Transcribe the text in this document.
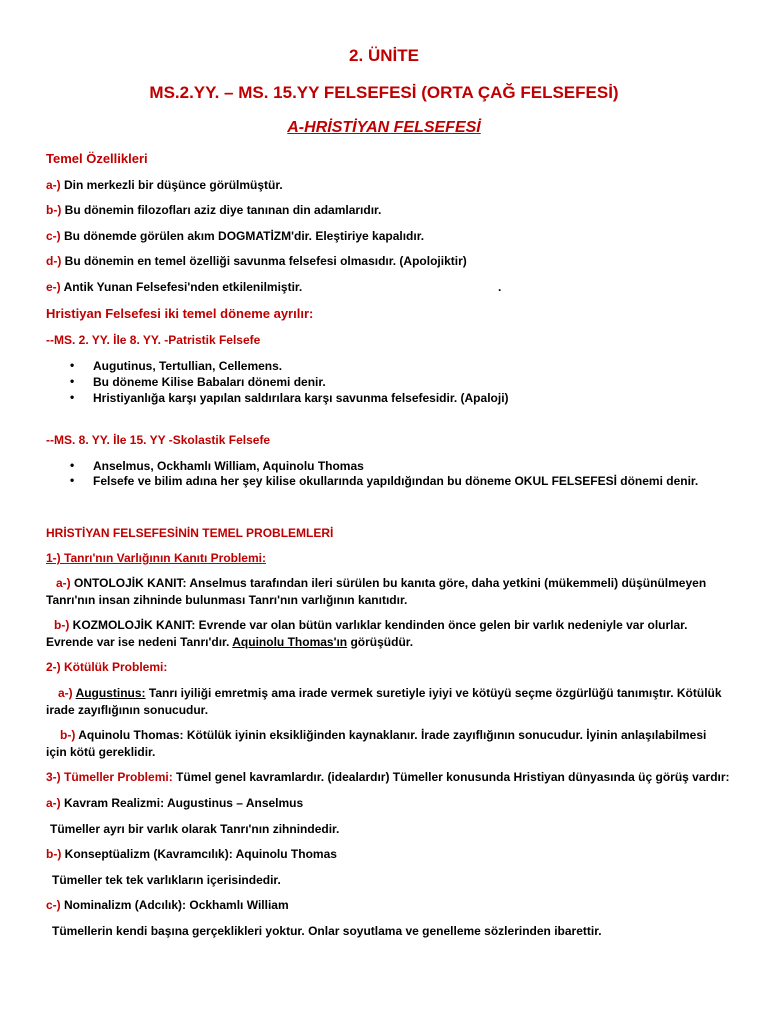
2. ÜNİTE
MS.2.YY. – MS. 15.YY FELSEFESİ (ORTA ÇAĞ FELSEFESİ)
A-HRİSTİYAN FELSEFESİ
Temel Özellikleri
a-) Din merkezli bir düşünce görülmüştür.
b-) Bu dönemin filozofları aziz diye tanınan din adamlarıdır.
c-) Bu dönemde görülen akım DOGMATİZM'dir. Eleştiriye kapalıdır.
d-) Bu dönemin en temel özelliği savunma felsefesi olmasıdır. (Apolojiktir)
e-) Antik Yunan Felsefesi'nden etkilenilmiştir.	.
Hristiyan Felsefesi iki temel döneme ayrılır:
--MS. 2. YY. İle 8. YY. -Patristik Felsefe
•	Augutinus, Tertullian, Cellemens.
•	Bu döneme Kilise Babaları dönemi denir.
•	Hristiyanlığa karşı yapılan saldırılara karşı savunma felsefesidir. (Apaloji)
--MS. 8. YY. İle 15. YY -Skolastik Felsefe
•	Anselmus, Ockhamlı William, Aquinolu Thomas
•	Felsefe ve bilim adına her şey kilise okullarında yapıldığından bu döneme OKUL FELSEFESİ dönemi denir.
HRİSTİYAN FELSEFESİNİN TEMEL PROBLEMLERİ
1-) Tanrı'nın Varlığının Kanıtı Problemi:
a-) ONTOLOJİK KANIT: Anselmus tarafından ileri sürülen bu kanıta göre, daha yetkini (mükemmeli) düşünülmeyen Tanrı'nın insan zihninde bulunması Tanrı'nın varlığının kanıtıdır.
b-) KOZMOLOJİK KANIT: Evrende var olan bütün varlıklar kendinden önce gelen bir varlık nedeniyle var olurlar. Evrende var ise nedeni Tanrı'dır. Aquinolu Thomas'ın görüşüdür.
2-) Kötülük Problemi:
a-) Augustinus: Tanrı iyiliği emretmiş ama irade vermek suretiyle iyiyi ve kötüyü seçme özgürlüğü tanımıştır. Kötülük irade zayıflığının sonucudur.
b-) Aquinolu Thomas: Kötülük iyinin eksikliğinden kaynaklanır. İrade zayıflığının sonucudur. İyinin anlaşılabilmesi için kötü gereklidir.
3-) Tümeller Problemi: Tümel genel kavramlardır. (idealardır) Tümeller konusunda Hristiyan dünyasında üç görüş vardır:
a-) Kavram Realizmi: Augustinus – Anselmus
Tümeller ayrı bir varlık olarak Tanrı'nın zihnindedir.
b-) Konseptüalizm (Kavramcılık): Aquinolu Thomas
Tümeller tek tek varlıkların içerisindedir.
c-) Nominalizm (Adcılık): Ockhamlı William
Tümellerin kendi başına gerçeklikleri yoktur. Onlar soyutlama ve genelleme sözlerinden ibarettir.
